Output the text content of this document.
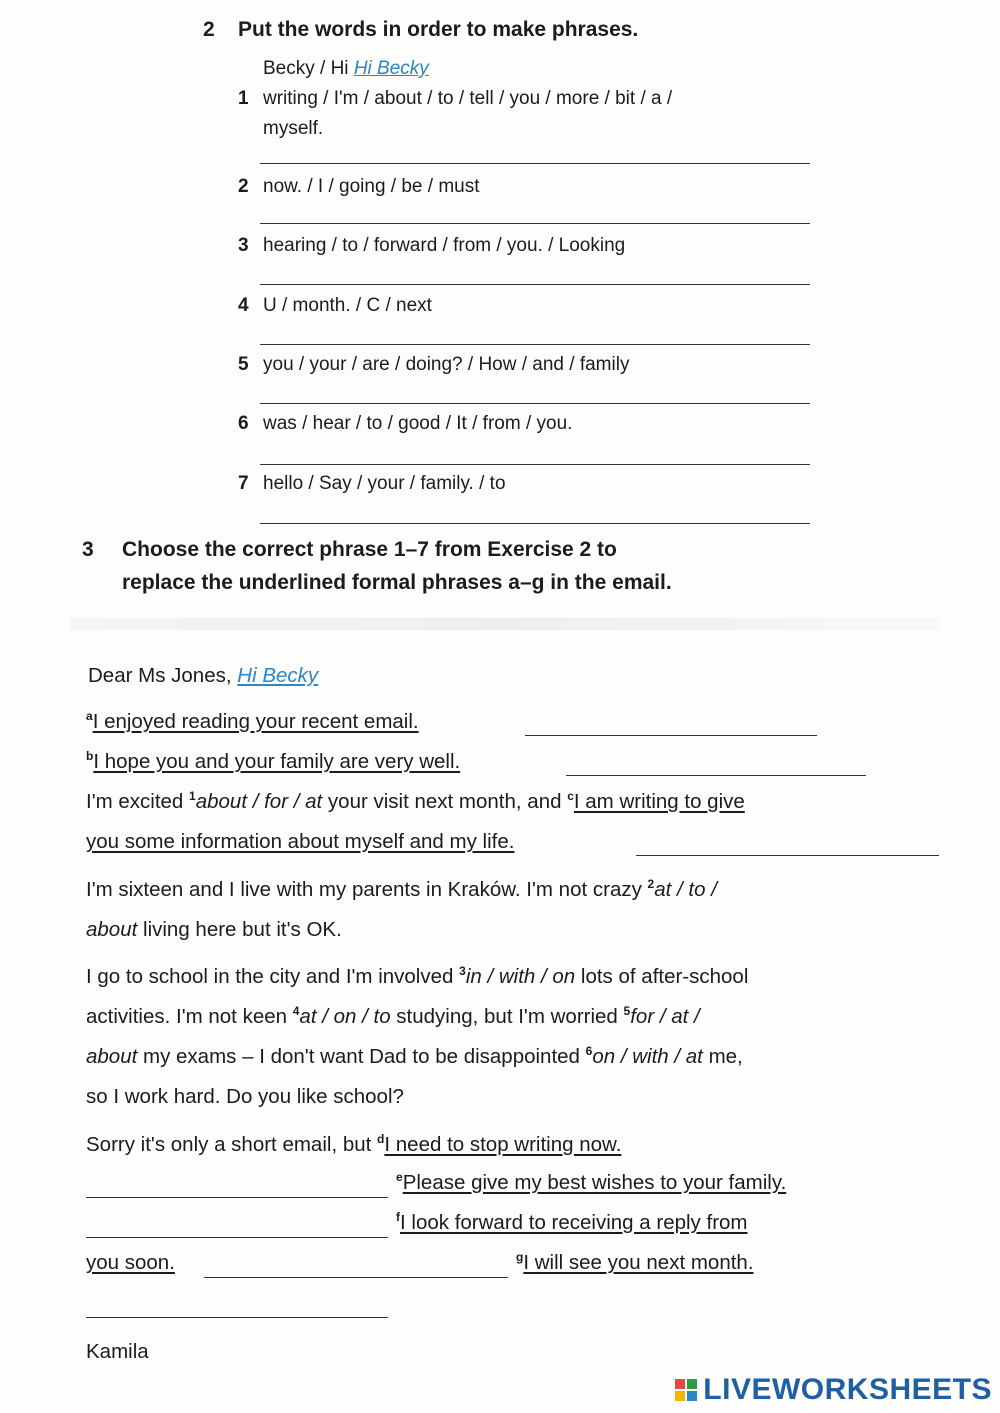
2 Put the words in order to make phrases.
Becky / Hi Hi Becky
1 writing / I'm / about / to / tell / you / more / bit / a /
myself.
2 now. / I / going / be / must
3 hearing / to / forward / from / you. / Looking
4 U / month. / C / next
5 you / your / are / doing? / How / and / family
6 was / hear / to / good / It / from / you.
7 hello / Say / your / family. / to
3 Choose the correct phrase 1–7 from Exercise 2 to
replace the underlined formal phrases a–g in the email.
Dear Ms Jones, Hi Becky
$^a$I enjoyed reading your recent email.
$^b$I hope you and your family are very well.
I'm excited $^1$about / for / at your visit next month, and $^c$I am writing to give
you some information about myself and my life.
I'm sixteen and I live with my parents in Kraków. I'm not crazy $^2$at / to /
about living here but it's OK.
I go to school in the city and I'm involved $^3$in / with / on lots of after-school
activities. I'm not keen $^4$at / on / to studying, but I'm worried $^5$for / at /
about my exams – I don't want Dad to be disappointed $^6$on / with / at me,
so I work hard. Do you like school?
Sorry it's only a short email, but $^d$I need to stop writing now.
$^e$Please give my best wishes to your family.
$^f$I look forward to receiving a reply from
you soon.	$^g$I will see you next month.
Kamila
LIVEWORKSHEETS
